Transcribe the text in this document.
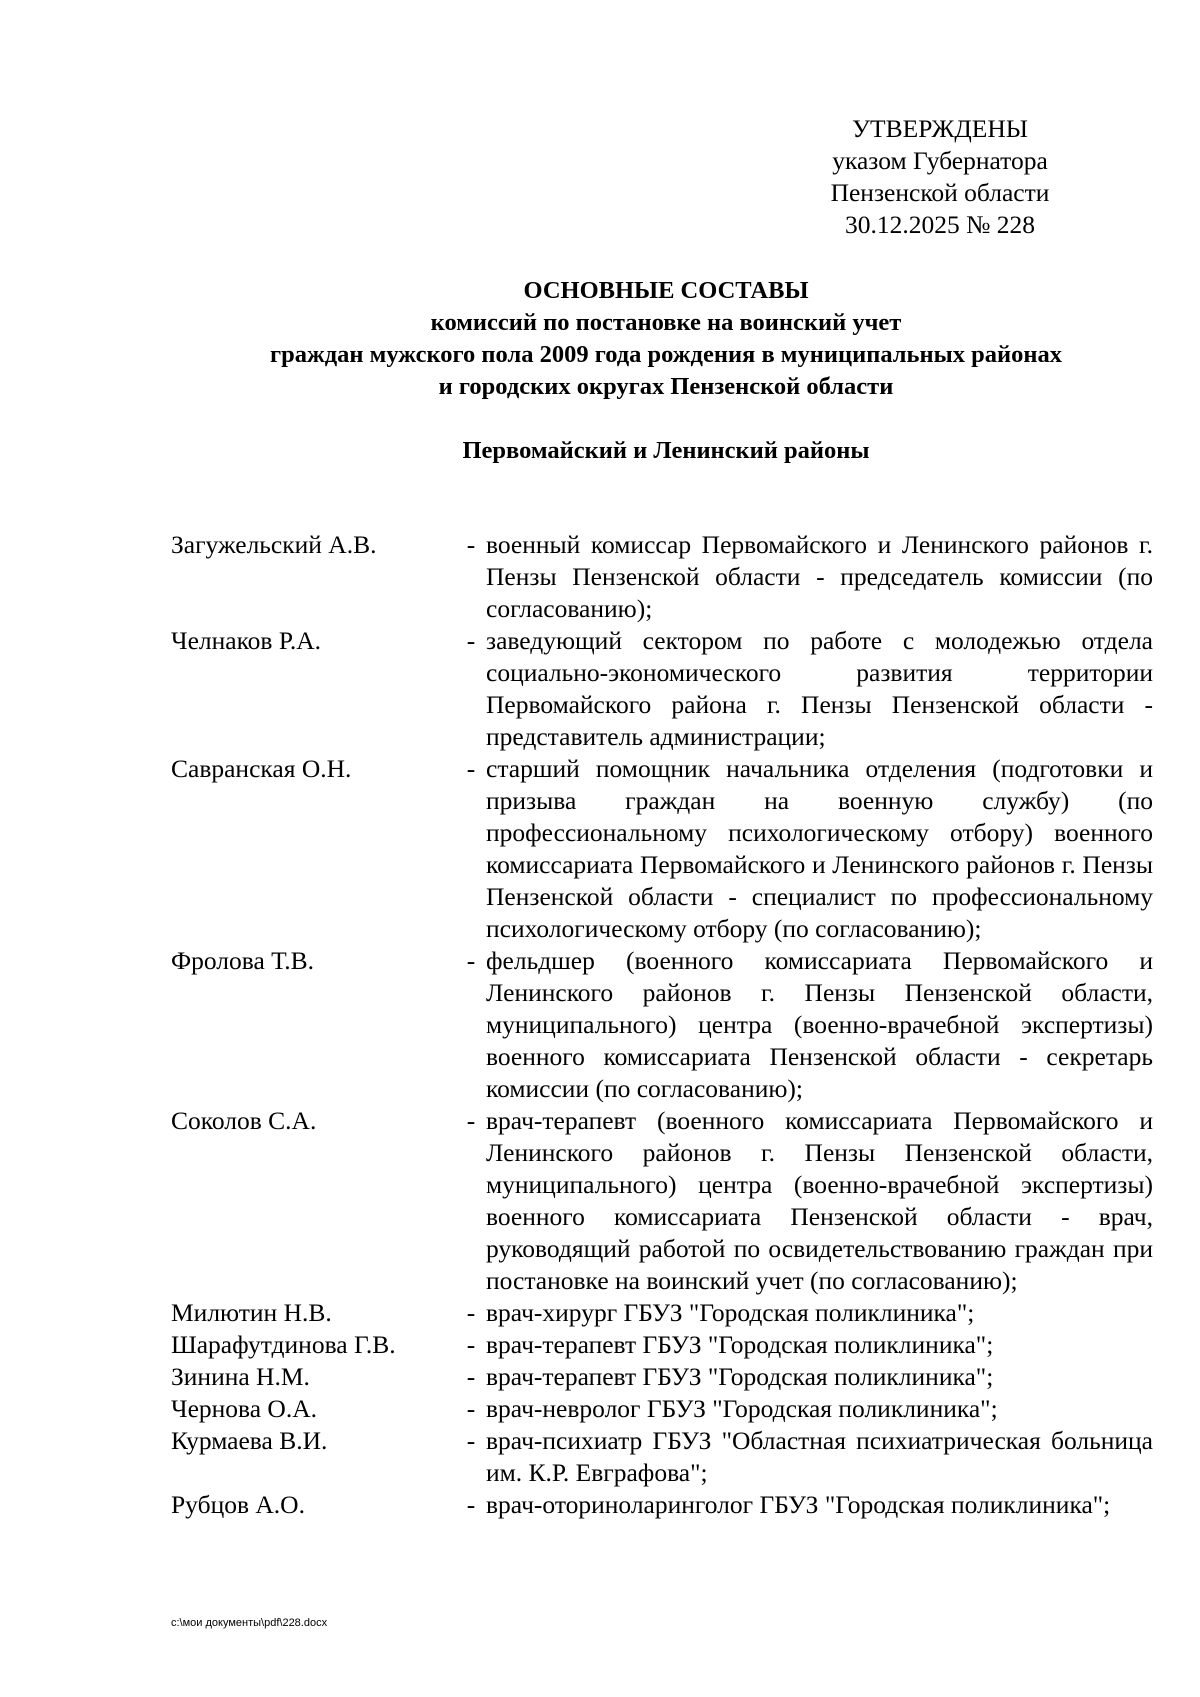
УТВЕРЖДЕНЫ
указом Губернатора
Пензенской области
30.12.2025 № 228
ОСНОВНЫЕ СОСТАВЫ
комиссий по постановке на воинский учет
граждан мужского пола 2009 года рождения в муниципальных районах
и городских округах Пензенской области
Первомайский и Ленинский районы
Загужельский А.В.	-	военный комиссар Первомайского и Ленинского районов г. Пензы Пензенской области - председатель комиссии (по согласованию);
Челнаков Р.А.	-	заведующий сектором по работе с молодежью отдела социально-экономического развития территории Первомайского района г. Пензы Пензенской области - представитель администрации;
Савранская О.Н.	-	старший помощник начальника отделения (подготовки и призыва граждан на военную службу) (по профессиональному психологическому отбору) военного комиссариата Первомайского и Ленинского районов г. Пензы Пензенской области - специалист по профессиональному психологическому отбору (по согласованию);
Фролова Т.В.	-	фельдшер (военного комиссариата Первомайского и Ленинского районов г. Пензы Пензенской области, муниципального) центра (военно-врачебной экспертизы) военного комиссариата Пензенской области - секретарь комиссии (по согласованию);
Соколов С.А.	-	врач-терапевт (военного комиссариата Первомайского и Ленинского районов г. Пензы Пензенской области, муниципального) центра (военно-врачебной экспертизы) военного комиссариата Пензенской области - врач, руководящий работой по освидетельствованию граждан при постановке на воинский учет (по согласованию);
Милютин Н.В.	-	врач-хирург ГБУЗ "Городская поликлиника";
Шарафутдинова Г.В.	-	врач-терапевт ГБУЗ "Городская поликлиника";
Зинина Н.М.	-	врач-терапевт ГБУЗ "Городская поликлиника";
Чернова О.А.	-	врач-невролог ГБУЗ "Городская поликлиника";
Курмаева В.И.	-	врач-психиатр ГБУЗ "Областная психиатрическая больница им. К.Р. Евграфова";
Рубцов А.О.	-	врач-оториноларинголог ГБУЗ "Городская поликлиника";
c:\мои документы\pdf\228.docx
